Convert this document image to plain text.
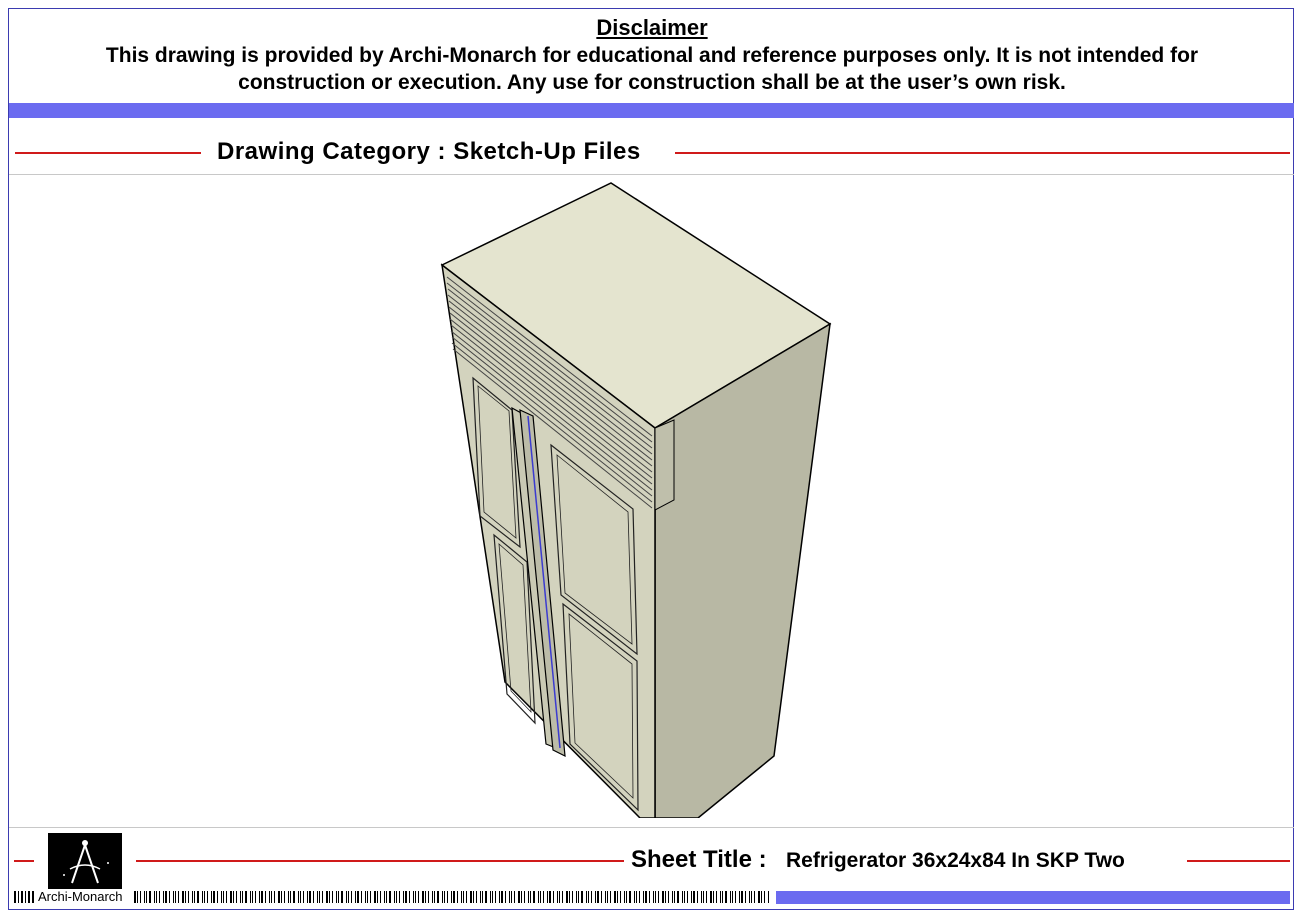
Disclaimer
This drawing is provided by Archi-Monarch for educational and reference purposes only. It is not intended for construction or execution. Any use for construction shall be at the user’s own risk.
Drawing Category : Sketch-Up Files
Sheet Title : Refrigerator 36x24x84 In SKP Two
Archi-Monarch
